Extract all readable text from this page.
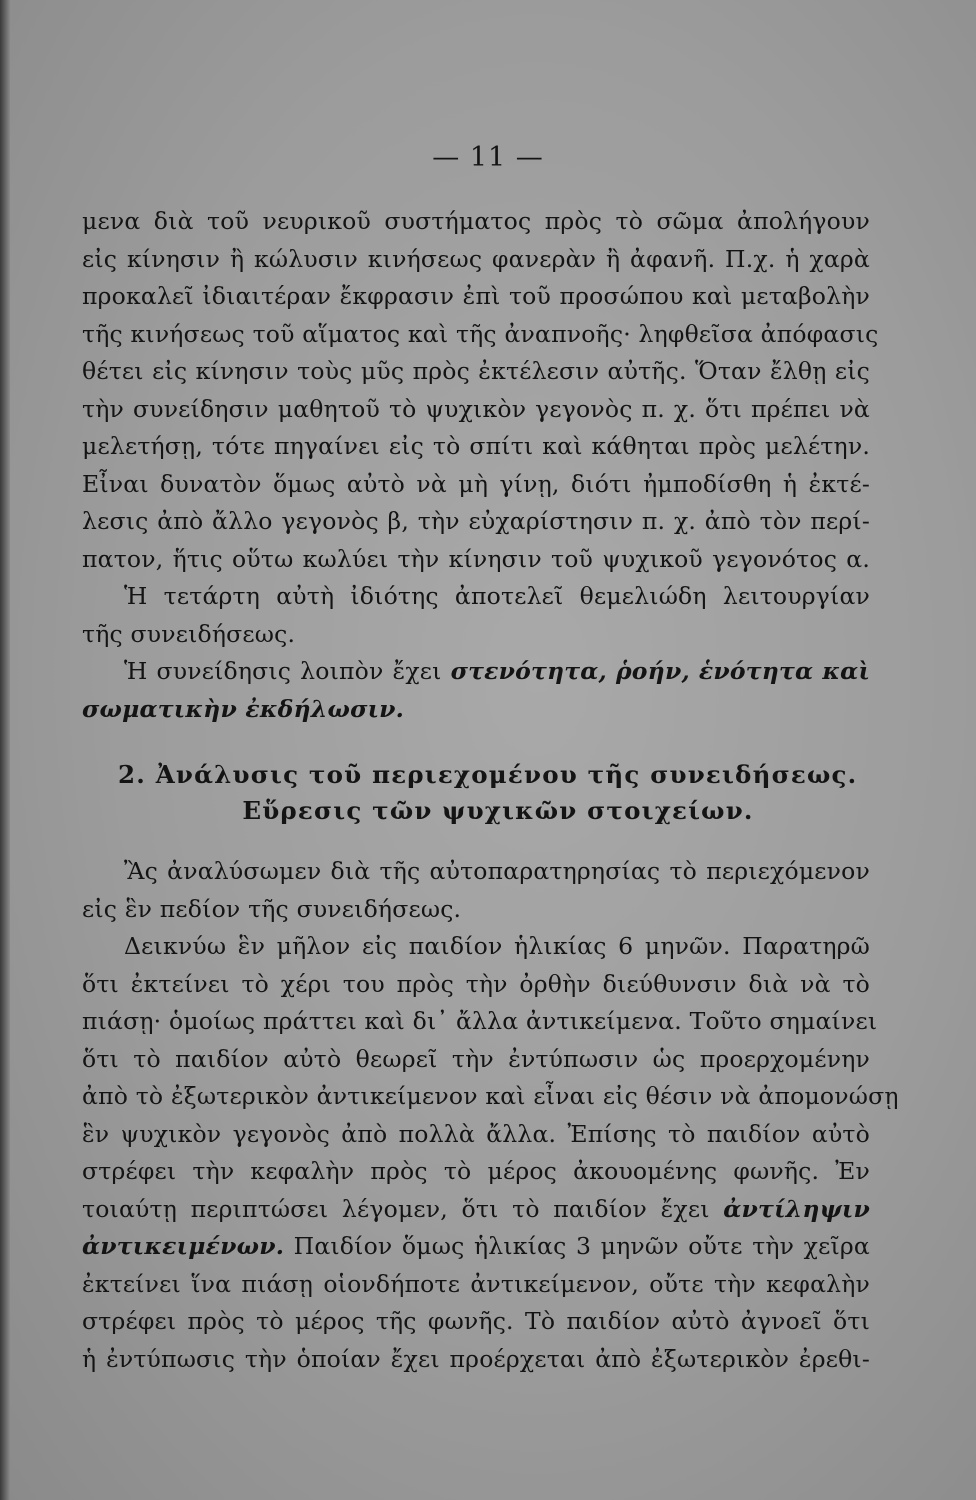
— 11 —
μενα διὰ τοῦ νευρικοῦ συστήματος πρὸς τὸ σῶμα ἀπολήγουν
εἰς κίνησιν ἢ κώλυσιν κινήσεως φανερὰν ἢ ἀφανῆ. Π.χ. ἡ χαρὰ
προκαλεῖ ἰδιαιτέραν ἔκφρασιν ἐπὶ τοῦ προσώπου καὶ μεταβολὴν
τῆς κινήσεως τοῦ αἵματος καὶ τῆς ἀναπνοῆς· ληφθεῖσα ἀπόφασις
θέτει εἰς κίνησιν τοὺς μῦς πρὸς ἐκτέλεσιν αὐτῆς. Ὅταν ἔλθῃ εἰς
τὴν συνείδησιν μαθητοῦ τὸ ψυχικὸν γεγονὸς π. χ. ὅτι πρέπει νὰ
μελετήσῃ, τότε πηγαίνει εἰς τὸ σπίτι καὶ κάθηται πρὸς μελέτην.
Εἶναι δυνατὸν ὅμως αὐτὸ νὰ μὴ γίνῃ, διότι ἠμποδίσθη ἡ ἐκτέ-
λεσις ἀπὸ ἄλλο γεγονὸς β, τὴν εὐχαρίστησιν π. χ. ἀπὸ τὸν περί-
πατον, ἥτις οὕτω κωλύει τὴν κίνησιν τοῦ ψυχικοῦ γεγονότος α.
Ἡ τετάρτη αὐτὴ ἰδιότης ἀποτελεῖ θεμελιώδη λειτουργίαν
τῆς συνειδήσεως.
Ἡ συνείδησις λοιπὸν ἔχει στενότητα, ῥοήν, ἑνότητα καὶ
σωματικὴν ἐκδήλωσιν.
2. Ἀνάλυσις τοῦ περιεχομένου τῆς συνειδήσεως.
Εὕρεσις τῶν ψυχικῶν στοιχείων.
Ἂς ἀναλύσωμεν διὰ τῆς αὐτοπαρατηρησίας τὸ περιεχόμενον
εἰς ἓν πεδίον τῆς συνειδήσεως.
Δεικνύω ἓν μῆλον εἰς παιδίον ἡλικίας 6 μηνῶν. Παρατηρῶ
ὅτι ἐκτείνει τὸ χέρι του πρὸς τὴν ὀρθὴν διεύθυνσιν διὰ νὰ τὸ
πιάσῃ· ὁμοίως πράττει καὶ δι᾽ ἄλλα ἀντικείμενα. Τοῦτο σημαίνει
ὅτι τὸ παιδίον αὐτὸ θεωρεῖ τὴν ἐντύπωσιν ὡς προερχομένην
ἀπὸ τὸ ἐξωτερικὸν ἀντικείμενον καὶ εἶναι εἰς θέσιν νὰ ἀπομονώσῃ
ἓν ψυχικὸν γεγονὸς ἀπὸ πολλὰ ἄλλα. Ἐπίσης τὸ παιδίον αὐτὸ
στρέφει τὴν κεφαλὴν πρὸς τὸ μέρος ἀκουομένης φωνῆς. Ἐν
τοιαύτῃ περιπτώσει λέγομεν, ὅτι τὸ παιδίον ἔχει ἀντίληψιν
ἀντικειμένων. Παιδίον ὅμως ἡλικίας 3 μηνῶν οὔτε τὴν χεῖρα
ἐκτείνει ἵνα πιάσῃ οἱονδήποτε ἀντικείμενον, οὔτε τὴν κεφαλὴν
στρέφει πρὸς τὸ μέρος τῆς φωνῆς. Τὸ παιδίον αὐτὸ ἀγνοεῖ ὅτι
ἡ ἐντύπωσις τὴν ὁποίαν ἔχει προέρχεται ἀπὸ ἐξωτερικὸν ἐρεθι-
